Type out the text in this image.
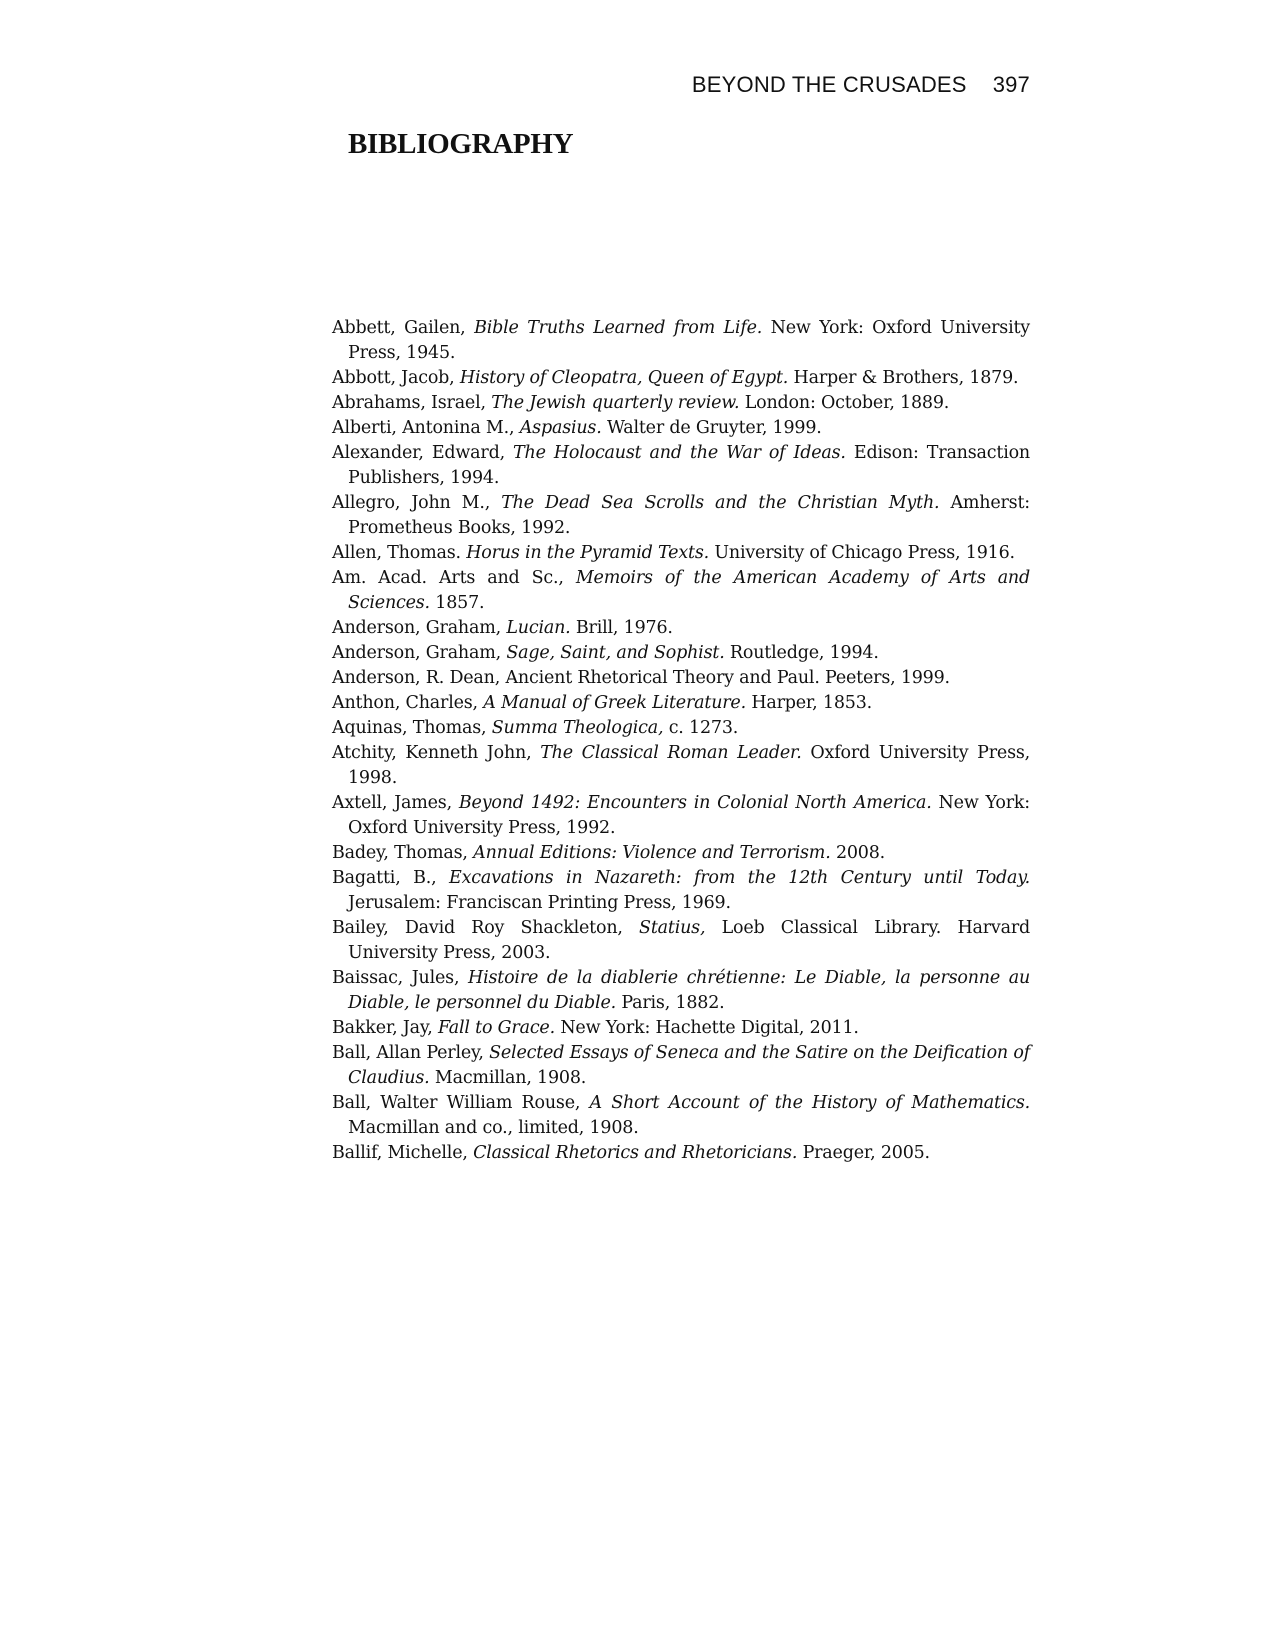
BEYOND THE CRUSADES 397
BIBLIOGRAPHY

Abbett, Gailen, Bible Truths Learned from Life. New York: Oxford University Press, 1945.

Abbott, Jacob, History of Cleopatra, Queen of Egypt. Harper & Brothers, 1879.

Abrahams, Israel, The Jewish quarterly review. London: October, 1889.

Alberti, Antonina M., Aspasius. Walter de Gruyter, 1999.

Alexander, Edward, The Holocaust and the War of Ideas. Edison: Transaction Publishers, 1994.

Allegro, John M., The Dead Sea Scrolls and the Christian Myth. Amherst: Prometheus Books, 1992.

Allen, Thomas. Horus in the Pyramid Texts. University of Chicago Press, 1916.

Am. Acad. Arts and Sc., Memoirs of the American Academy of Arts and Sciences. 1857.

Anderson, Graham, Lucian. Brill, 1976.

Anderson, Graham, Sage, Saint, and Sophist. Routledge, 1994.

Anderson, R. Dean, Ancient Rhetorical Theory and Paul. Peeters, 1999.

Anthon, Charles, A Manual of Greek Literature. Harper, 1853.

Aquinas, Thomas, Summa Theologica, c. 1273.

Atchity, Kenneth John, The Classical Roman Leader. Oxford University Press, 1998.

Axtell, James, Beyond 1492: Encounters in Colonial North America. New York: Oxford University Press, 1992.

Badey, Thomas, Annual Editions: Violence and Terrorism. 2008.

Bagatti, B., Excavations in Nazareth: from the 12th Century until Today. Jerusalem: Franciscan Printing Press, 1969.

Bailey, David Roy Shackleton, Statius, Loeb Classical Library. Harvard University Press, 2003.

Baissac, Jules, Histoire de la diablerie chrétienne: Le Diable, la personne au Diable, le personnel du Diable. Paris, 1882.

Bakker, Jay, Fall to Grace. New York: Hachette Digital, 2011.

Ball, Allan Perley, Selected Essays of Seneca and the Satire on the Deification of Claudius. Macmillan, 1908.

Ball, Walter William Rouse, A Short Account of the History of Mathematics. Macmillan and co., limited, 1908.

Ballif, Michelle, Classical Rhetorics and Rhetoricians. Praeger, 2005.
